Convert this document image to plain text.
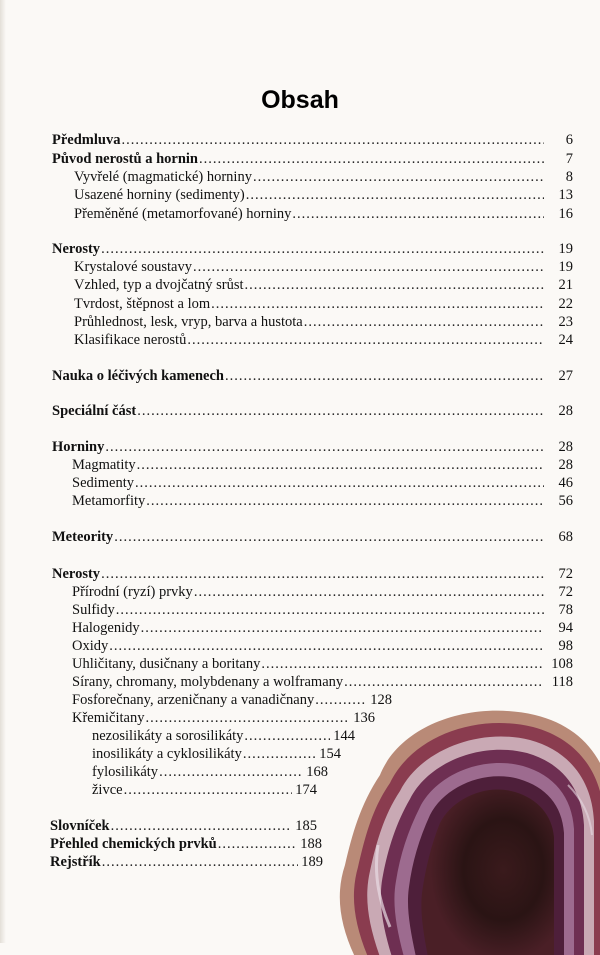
Obsah
Předmluva .....	6
Původ nerostů a hornin .....	7
Vyvřelé (magmatické) horniny .....	8
Usazené horniny (sedimenty) .....	13
Přeměněné (metamorfované) horniny .....	16
Nerosty .....	19
Krystalové soustavy .....	19
Vzhled, typ a dvojčatný srůst .....	21
Tvrdost, štěpnost a lom .....	22
Průhlednost, lesk, vryp, barva a hustota .....	23
Klasifikace nerostů .....	24
Nauka o léčivých kamenech .....	27
Speciální část .....	28
Horniny .....	28
Magmatity .....	28
Sedimenty .....	46
Metamorfity .....	56
Meteority .....	68
Nerosty .....	72
Přírodní (ryzí) prvky .....	72
Sulfidy .....	78
Halogenidy .....	94
Oxidy .....	98
Uhličitany, dusičnany a boritany .....	108
Sírany, chromany, molybdenany a wolframany .....	118
Fosforečnany, arzeničnany a vanadičnany .....	128
Křemičitany .....	136
nezosilikáty a sorosilikáty .....	144
inosilikáty a cyklosilikáty .....	154
fylosilikáty .....	168
živce .....	174
Slovníček .....	185
Přehled chemických prvků .....	188
Rejstřík .....	189
